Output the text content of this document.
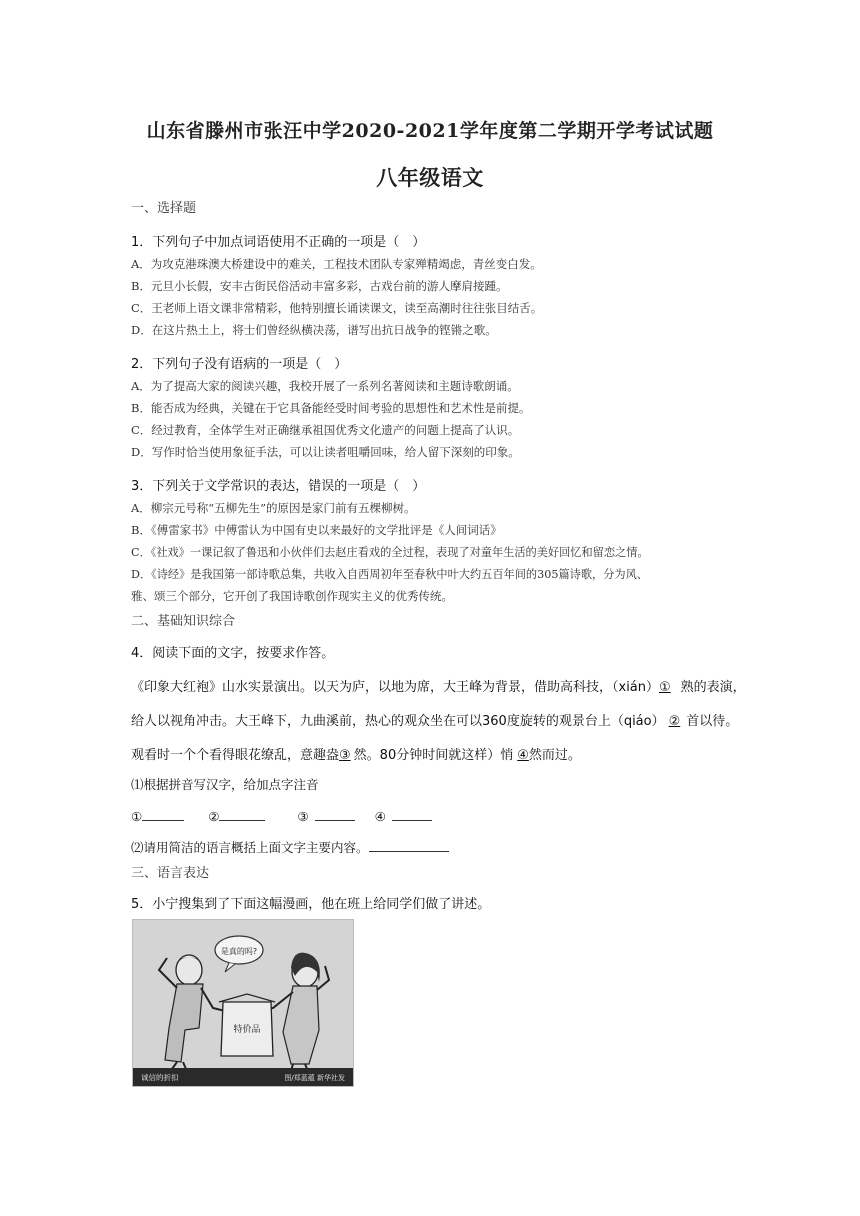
山东省滕州市张汪中学2020-2021学年度第二学期开学考试试题
八年级语文
一、选择题
1．下列句子中加点词语使用不正确的一项是（　）
A．为攻克港珠澳大桥建设中的难关，工程技术团队专家殚精竭虑，青丝变白发。
B．元旦小长假，安丰古街民俗活动丰富多彩，古戏台前的游人摩肩接踵。
C．王老师上语文课非常精彩，他特别擅长诵读课文，读至高潮时往往张目结舌。
D．在这片热土上，将士们曾经纵横决荡，谱写出抗日战争的铿锵之歌。
2．下列句子没有语病的一项是（　）
A．为了提高大家的阅读兴趣，我校开展了一系列名著阅读和主题诗歌朗诵。
B．能否成为经典，关键在于它具备能经受时间考验的思想性和艺术性是前提。
C．经过教育，全体学生对正确继承祖国优秀文化遗产的问题上提高了认识。
D．写作时恰当使用象征手法，可以让读者咀嚼回味，给人留下深刻的印象。
3．下列关于文学常识的表达，错误的一项是（　）
A．柳宗元号称“五柳先生”的原因是家门前有五棵柳树。
B．《傅雷家书》中傅雷认为中国有史以来最好的文学批评是《人间词话》
C．《社戏》一课记叙了鲁迅和小伙伴们去赵庄看戏的全过程，表现了对童年生活的美好回忆和留恋之情。
D．《诗经》是我国第一部诗歌总集，共收入自西周初年至春秋中叶大约五百年间的305篇诗歌，分为风、
雅、颂三个部分，它开创了我国诗歌创作现实主义的优秀传统。
二、基础知识综合
4．阅读下面的文字，按要求作答。
《印象大红袍》山水实景演出。以天为庐，以地为席，大王峰为背景，借助高科技，（xián）① 熟的表演，
给人以视角冲击。大王峰下，九曲溪前，热心的观众坐在可以360度旋转的观景台上（qiáo） ② 首以待。
观看时一个个看得眼花缭乱，意趣盎③ 然。80分钟时间就这样）悄 ④然而过。
⑴根据拼音写汉字，给加点字注音
①	②	③	④
⑵请用简洁的语言概括上面文字主要内容。
三、语言表达
5．小宁搜集到了下面这幅漫画，他在班上给同学们做了讲述。
是真的吗?
特价品
诚信的折扣	图/郑蓝蕴 新华社发
